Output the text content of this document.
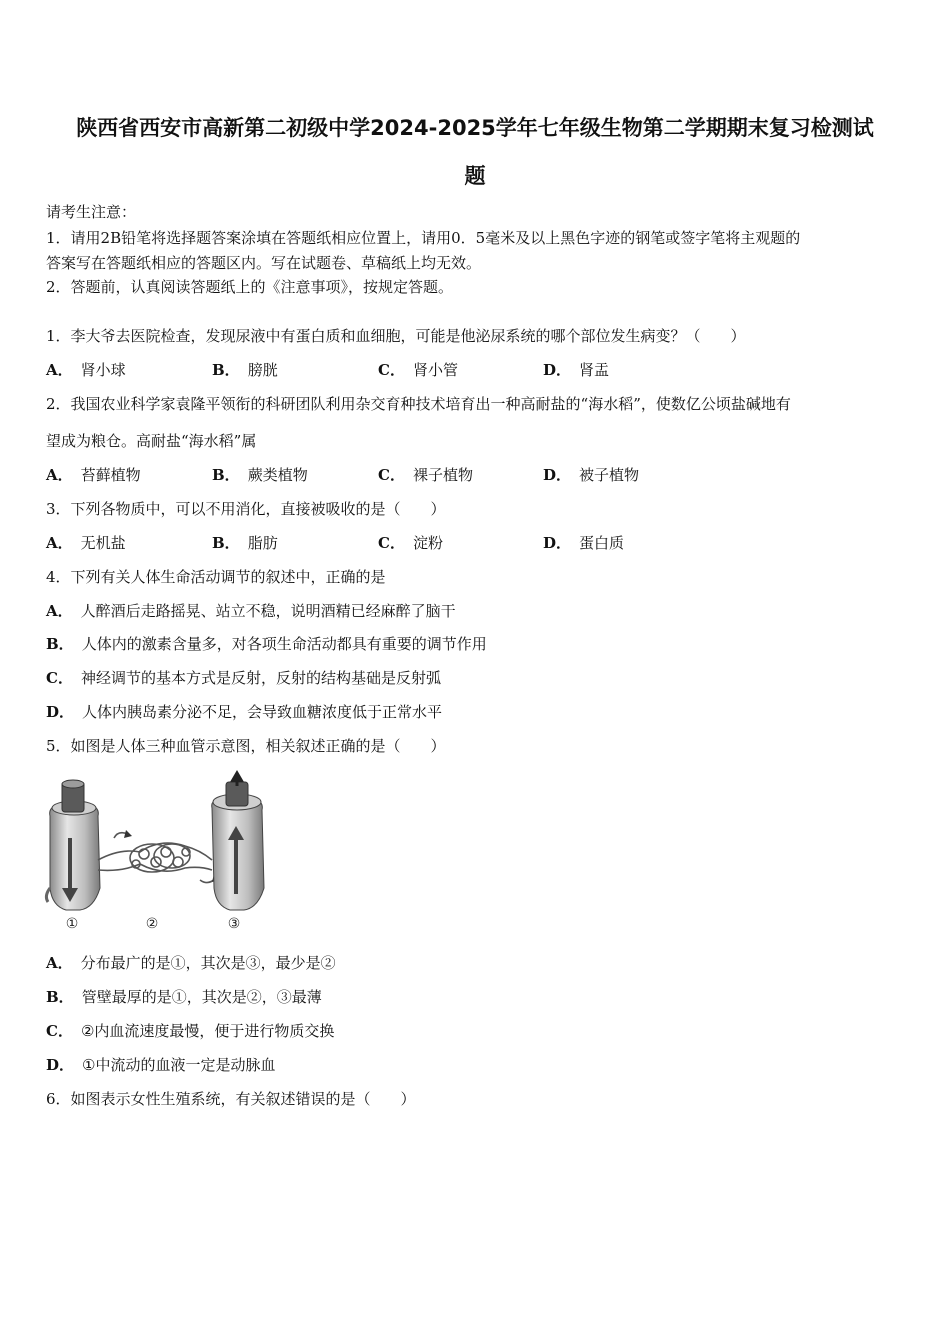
陕西省西安市高新第二初级中学2024-2025学年七年级生物第二学期期末复习检测试
题
请考生注意：
1．请用2B铅笔将选择题答案涂填在答题纸相应位置上，请用0．5毫米及以上黑色字迹的钢笔或签字笔将主观题的
答案写在答题纸相应的答题区内。写在试题卷、草稿纸上均无效。
2．答题前，认真阅读答题纸上的《注意事项》，按规定答题。
1．李大爷去医院检查，发现尿液中有蛋白质和血细胞，可能是他泌尿系统的哪个部位发生病变？（　　）
A． 肾小球	B． 膀胱	C． 肾小管	D． 肾盂
2．我国农业科学家袁隆平领衔的科研团队利用杂交育种技术培育出一种高耐盐的“海水稻”，使数亿公顷盐碱地有
望成为粮仓。高耐盐“海水稻”属
A． 苔藓植物	B． 蕨类植物	C． 裸子植物	D． 被子植物
3．下列各物质中，可以不用消化，直接被吸收的是（　　）
A． 无机盐	B． 脂肪	C． 淀粉	D． 蛋白质
4．下列有关人体生命活动调节的叙述中，正确的是
A． 人醉酒后走路摇晃、站立不稳，说明酒精已经麻醉了脑干
B． 人体内的激素含量多，对各项生命活动都具有重要的调节作用
C． 神经调节的基本方式是反射，反射的结构基础是反射弧
D． 人体内胰岛素分泌不足，会导致血糖浓度低于正常水平
5．如图是人体三种血管示意图，相关叙述正确的是（　　）
①	②	③
A． 分布最广的是①，其次是③，最少是②
B． 管壁最厚的是①，其次是②，③最薄
C． ②内血流速度最慢，便于进行物质交换
D． ①中流动的血液一定是动脉血
6．如图表示女性生殖系统，有关叙述错误的是（　　）
